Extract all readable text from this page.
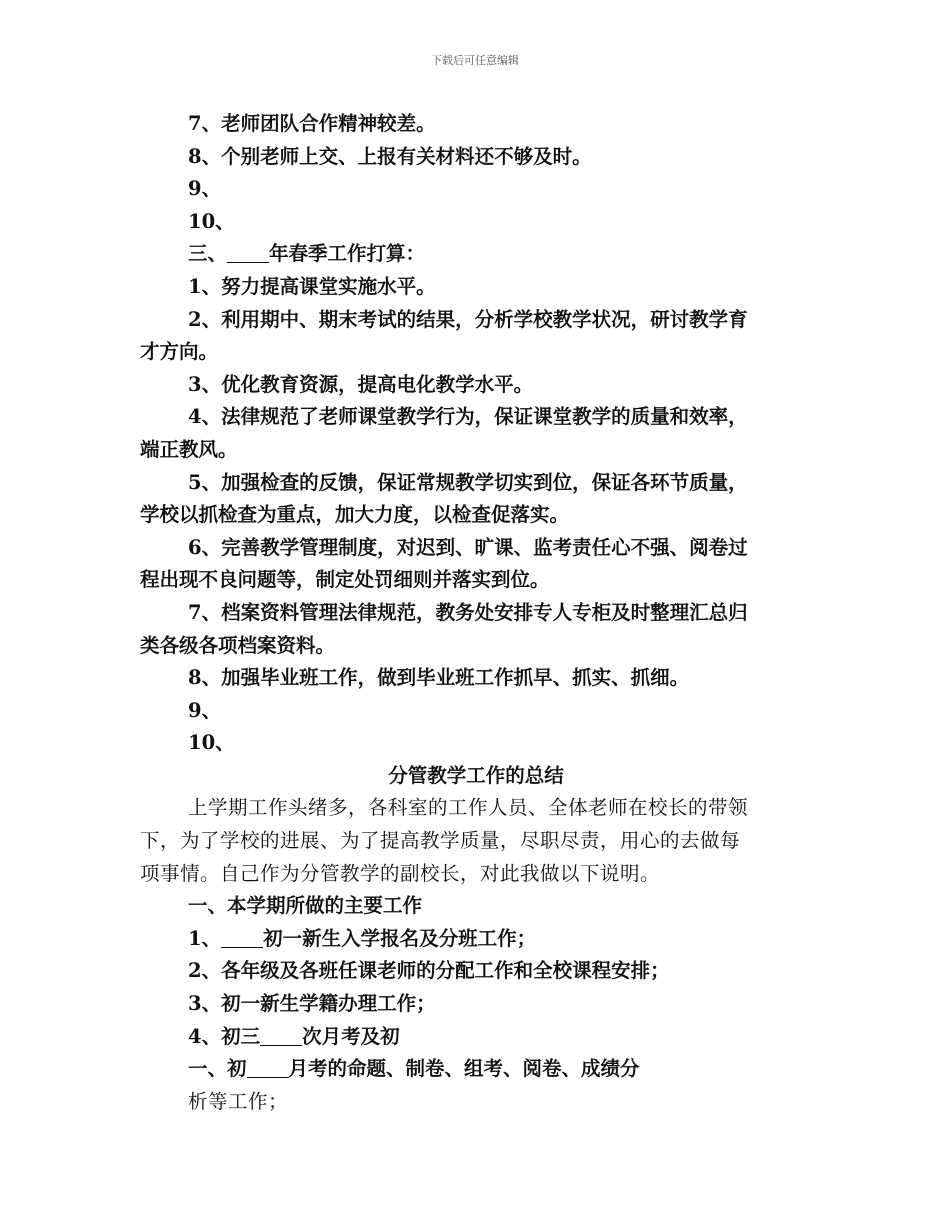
下载后可任意编辑
7、老师团队合作精神较差。
8、个别老师上交、上报有关材料还不够及时。
9、
10、
三、 年春季工作打算：
1、努力提高课堂实施水平。
2、利用期中、期末考试的结果，分析学校教学状况，研讨教学育
才方向。
3、优化教育资源，提高电化教学水平。
4、法律规范了老师课堂教学行为，保证课堂教学的质量和效率，
端正教风。
5、加强检查的反馈，保证常规教学切实到位，保证各环节质量，
学校以抓检查为重点，加大力度，以检查促落实。
6、完善教学管理制度，对迟到、旷课、监考责任心不强、阅卷过
程出现不良问题等，制定处罚细则并落实到位。
7、档案资料管理法律规范，教务处安排专人专柜及时整理汇总归
类各级各项档案资料。
8、加强毕业班工作，做到毕业班工作抓早、抓实、抓细。
9、
10、
分管教学工作的总结
上学期工作头绪多，各科室的工作人员、全体老师在校长的带领
下，为了学校的进展、为了提高教学质量，尽职尽责，用心的去做每
项事情。自己作为分管教学的副校长，对此我做以下说明。
一、本学期所做的主要工作
1、 初一新生入学报名及分班工作；
2、各年级及各班任课老师的分配工作和全校课程安排；
3、初一新生学籍办理工作；
4、初三 次月考及初
一、初 月考的命题、制卷、组考、阅卷、成绩分
析等工作；
